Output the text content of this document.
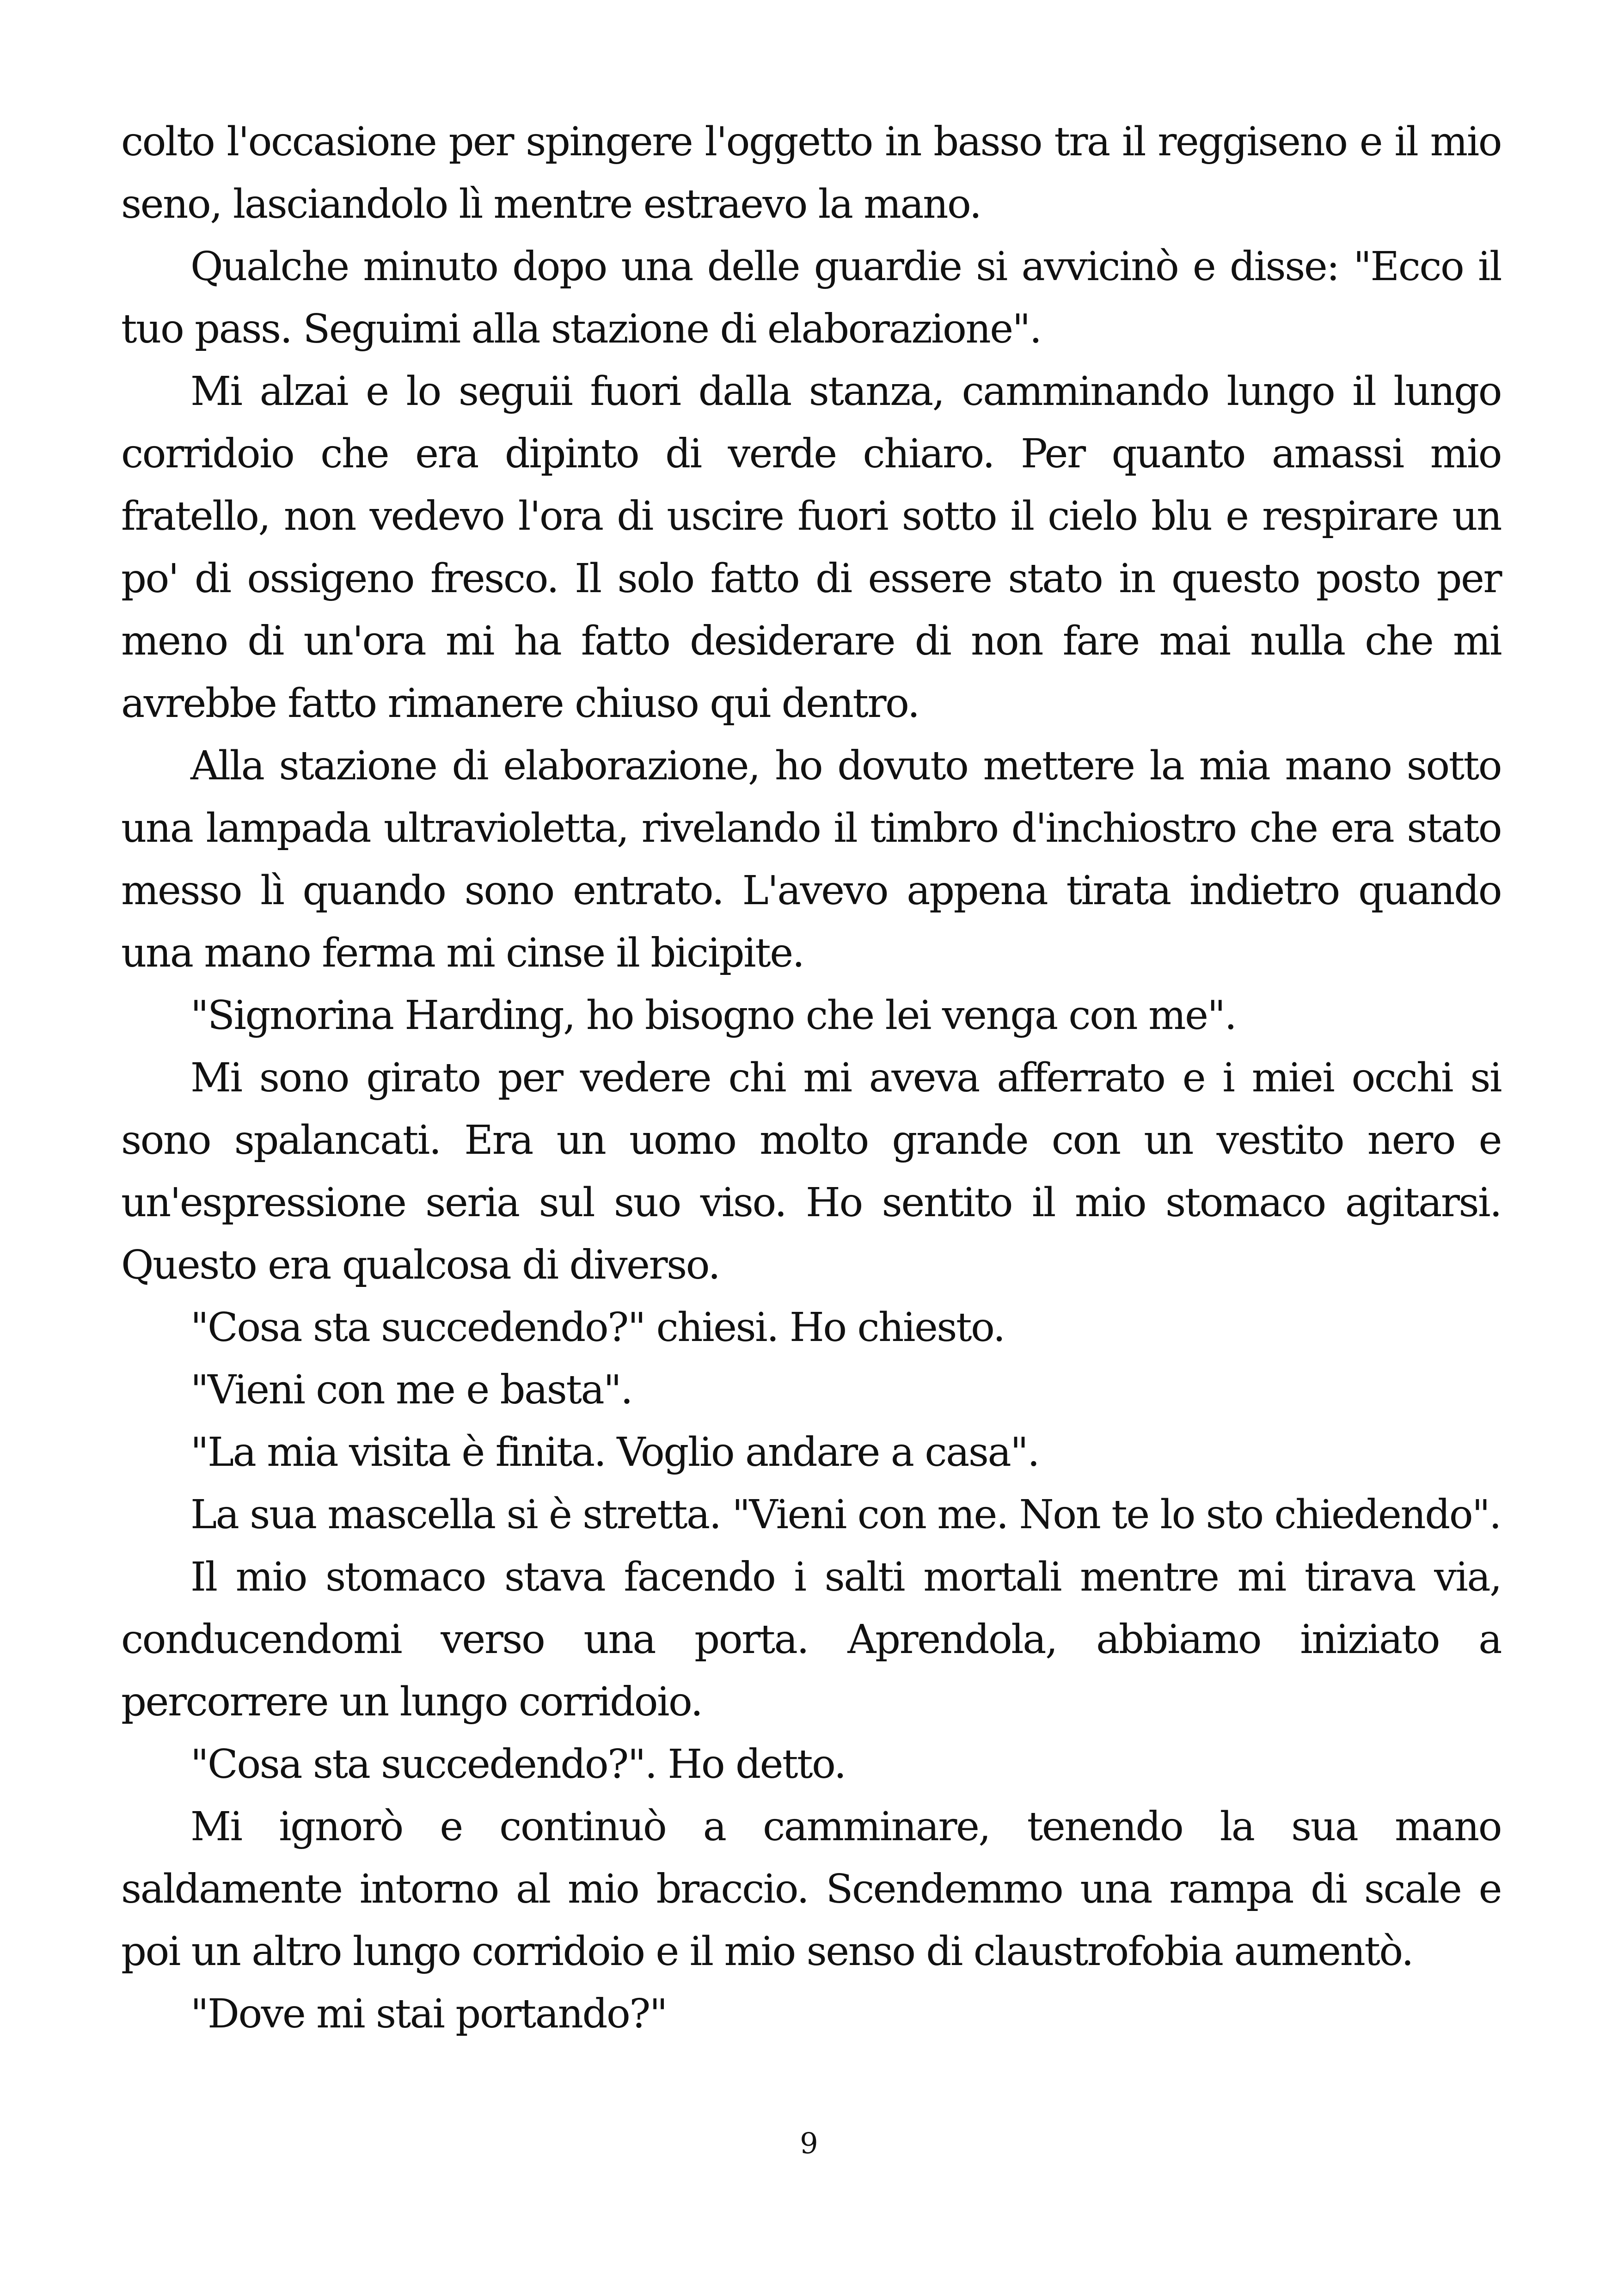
colto l'occasione per spingere l'oggetto in basso tra il reggiseno e il mio seno, lasciandolo lì mentre estraevo la mano.

Qualche minuto dopo una delle guardie si avvicinò e disse: "Ecco il tuo pass. Seguimi alla stazione di elaborazione".

Mi alzai e lo seguii fuori dalla stanza, camminando lungo il lungo corridoio che era dipinto di verde chiaro. Per quanto amassi mio fratello, non vedevo l'ora di uscire fuori sotto il cielo blu e respirare un po' di ossigeno fresco. Il solo fatto di essere stato in questo posto per meno di un'ora mi ha fatto desiderare di non fare mai nulla che mi avrebbe fatto rimanere chiuso qui dentro.

Alla stazione di elaborazione, ho dovuto mettere la mia mano sotto una lampada ultravioletta, rivelando il timbro d'inchiostro che era stato messo lì quando sono entrato. L'avevo appena tirata indietro quando una mano ferma mi cinse il bicipite.

"Signorina Harding, ho bisogno che lei venga con me".

Mi sono girato per vedere chi mi aveva afferrato e i miei occhi si sono spalancati. Era un uomo molto grande con un vestito nero e un'espressione seria sul suo viso. Ho sentito il mio stomaco agitarsi. Questo era qualcosa di diverso.

"Cosa sta succedendo?" chiesi. Ho chiesto.

"Vieni con me e basta".

"La mia visita è finita. Voglio andare a casa".

La sua mascella si è stretta. "Vieni con me. Non te lo sto chiedendo".

Il mio stomaco stava facendo i salti mortali mentre mi tirava via, conducendomi verso una porta. Aprendola, abbiamo iniziato a percorrere un lungo corridoio.

"Cosa sta succedendo?". Ho detto.

Mi ignorò e continuò a camminare, tenendo la sua mano saldamente intorno al mio braccio. Scendemmo una rampa di scale e poi un altro lungo corridoio e il mio senso di claustrofobia aumentò.

"Dove mi stai portando?"

9
